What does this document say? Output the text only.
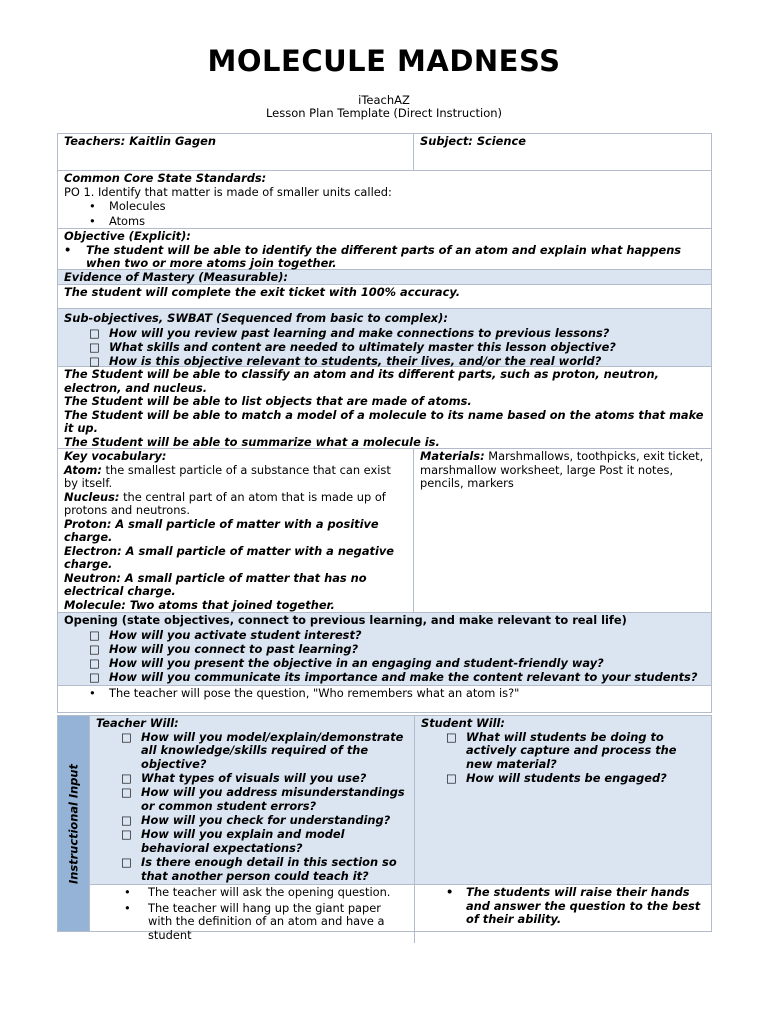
MOLECULE MADNESS
iTeachAZ
Lesson Plan Template (Direct Instruction)
Teachers: Kaitlin Gagen	Subject: Science
Common Core State Standards:
PO 1. Identify that matter is made of smaller units called:
• Molecules
• Atoms
Objective (Explicit):
• The student will be able to identify the different parts of an atom and explain what happens when two or more atoms join together.
Evidence of Mastery (Measurable):
The student will complete the exit ticket with 100% accuracy.
Sub-objectives, SWBAT (Sequenced from basic to complex):
□ How will you review past learning and make connections to previous lessons?
□ What skills and content are needed to ultimately master this lesson objective?
□ How is this objective relevant to students, their lives, and/or the real world?
The Student will be able to classify an atom and its different parts, such as proton, neutron, electron, and nucleus.
The Student will be able to list objects that are made of atoms.
The Student will be able to match a model of a molecule to its name based on the atoms that make it up.
The Student will be able to summarize what a molecule is.
Key vocabulary:
Atom: the smallest particle of a substance that can exist by itself.
Nucleus: the central part of an atom that is made up of protons and neutrons.
Proton: A small particle of matter with a positive charge.
Electron: A small particle of matter with a negative charge.
Neutron: A small particle of matter that has no electrical charge.
Molecule: Two atoms that joined together.
Materials: Marshmallows, toothpicks, exit ticket, marshmallow worksheet, large Post it notes, pencils, markers
Opening (state objectives, connect to previous learning, and make relevant to real life)
□ How will you activate student interest?
□ How will you connect to past learning?
□ How will you present the objective in an engaging and student-friendly way?
□ How will you communicate its importance and make the content relevant to your students?
• The teacher will pose the question, "Who remembers what an atom is?"
Instructional Input
Teacher Will:
□ How will you model/explain/demonstrate all knowledge/skills required of the objective?
□ What types of visuals will you use?
□ How will you address misunderstandings or common student errors?
□ How will you check for understanding?
□ How will you explain and model behavioral expectations?
□ Is there enough detail in this section so that another person could teach it?
Student Will:
□ What will students be doing to actively capture and process the new material?
□ How will students be engaged?
• The teacher will ask the opening question.
• The teacher will hang up the giant paper with the definition of an atom and have a student
• The students will raise their hands and answer the question to the best of their ability.
